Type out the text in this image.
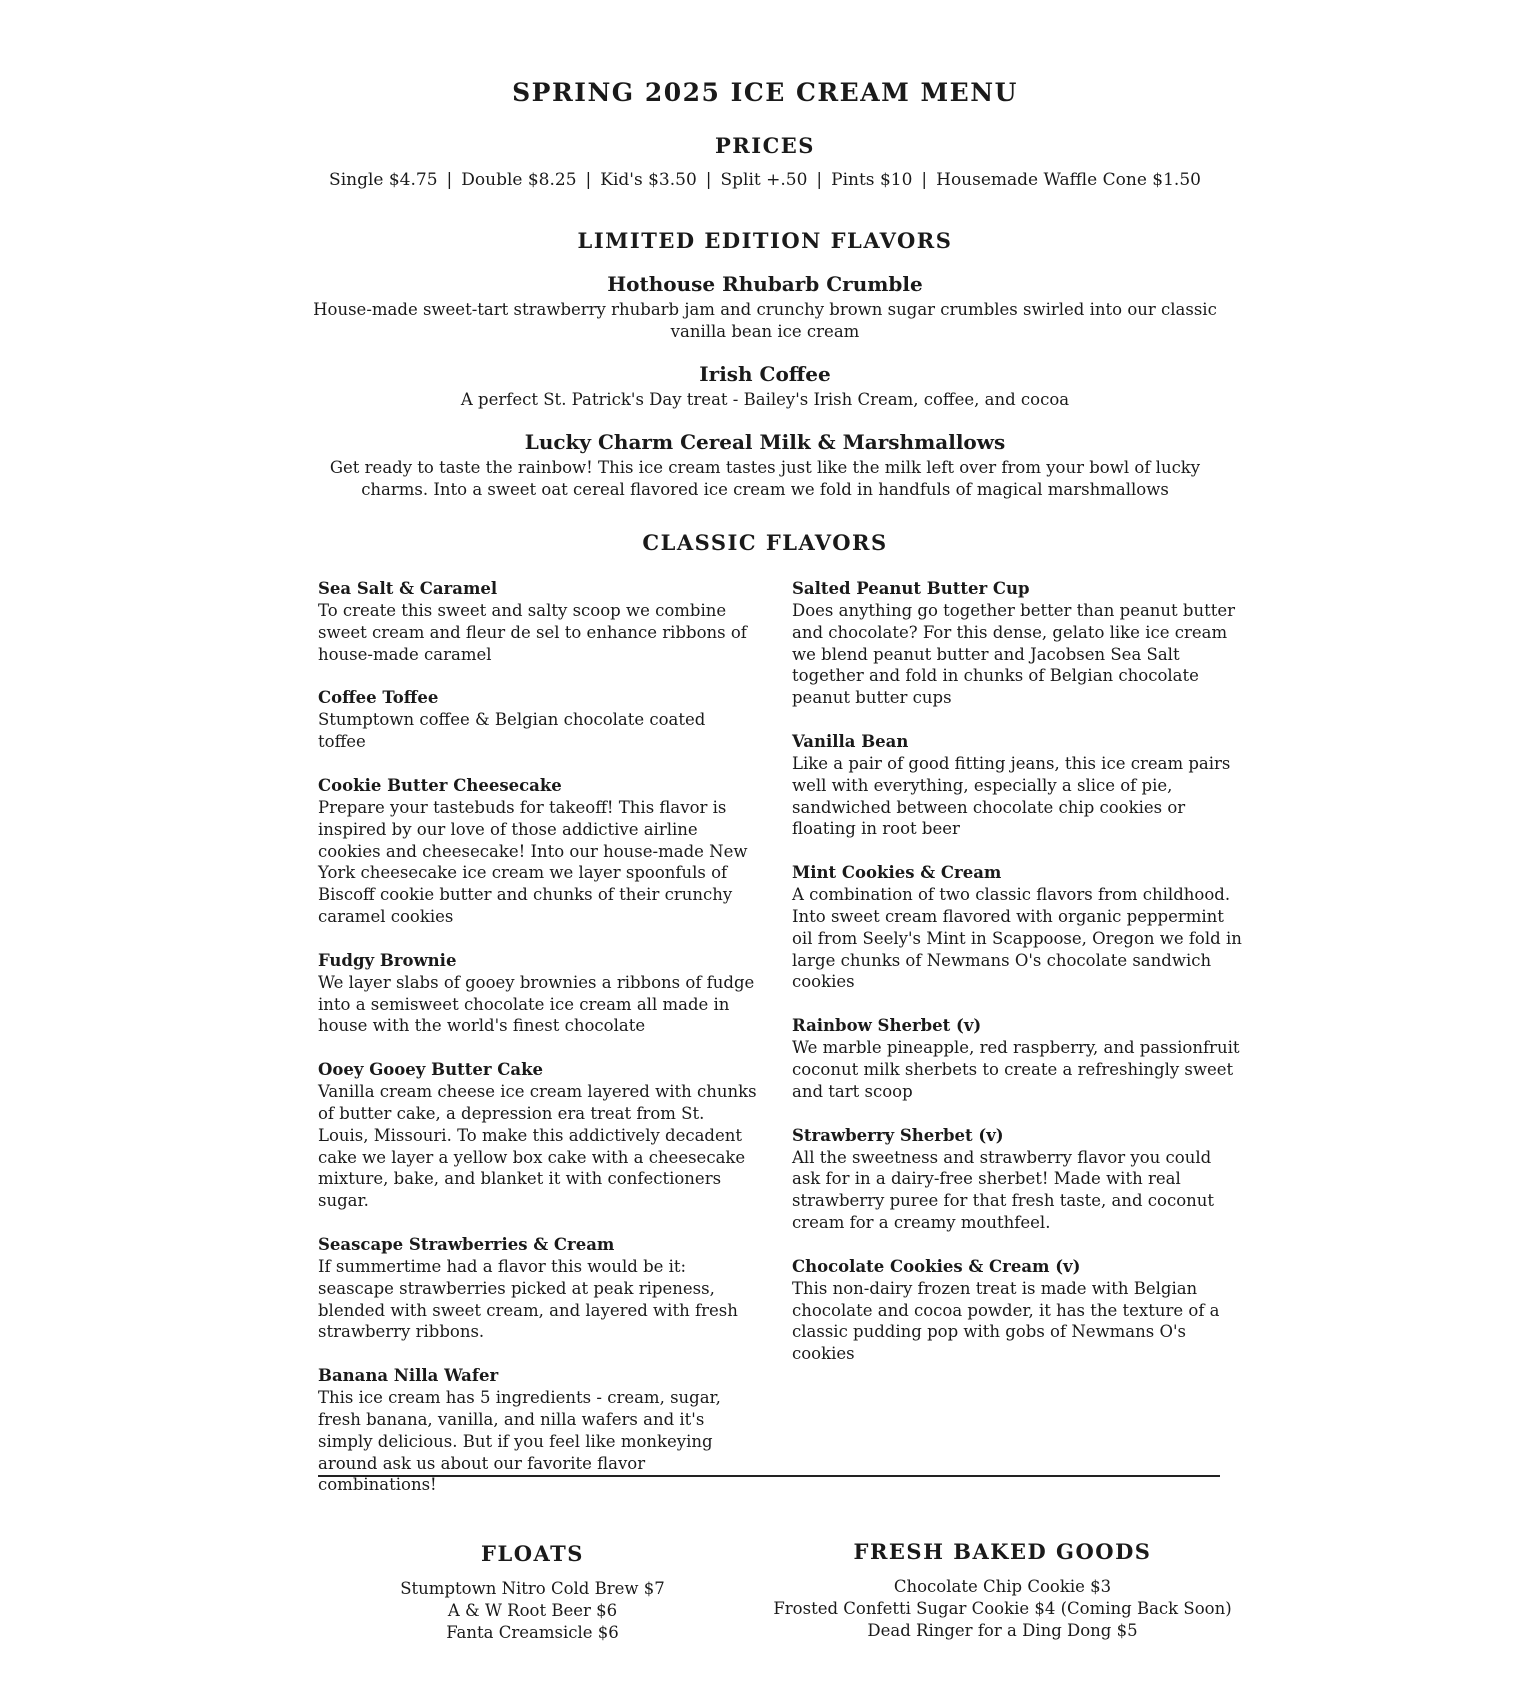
SPRING 2025 ICE CREAM MENU
PRICES
Single $4.75 | Double $8.25 | Kid's $3.50 | Split +.50 | Pints $10 | Housemade Waffle Cone $1.50
LIMITED EDITION FLAVORS
Hothouse Rhubarb Crumble
House-made sweet-tart strawberry rhubarb jam and crunchy brown sugar crumbles swirled into our classic vanilla bean ice cream
Irish Coffee
A perfect St. Patrick's Day treat - Bailey's Irish Cream, coffee, and cocoa
Lucky Charm Cereal Milk & Marshmallows
Get ready to taste the rainbow! This ice cream tastes just like the milk left over from your bowl of lucky charms. Into a sweet oat cereal flavored ice cream we fold in handfuls of magical marshmallows
CLASSIC FLAVORS
Sea Salt & Caramel
To create this sweet and salty scoop we combine sweet cream and fleur de sel to enhance ribbons of house-made caramel
Coffee Toffee
Stumptown coffee & Belgian chocolate coated toffee
Cookie Butter Cheesecake
Prepare your tastebuds for takeoff! This flavor is inspired by our love of those addictive airline cookies and cheesecake! Into our house-made New York cheesecake ice cream we layer spoonfuls of Biscoff cookie butter and chunks of their crunchy caramel cookies
Fudgy Brownie
We layer slabs of gooey brownies a ribbons of fudge into a semisweet chocolate ice cream all made in house with the world's finest chocolate
Ooey Gooey Butter Cake
Vanilla cream cheese ice cream layered with chunks of butter cake, a depression era treat from St. Louis, Missouri. To make this addictively decadent cake we layer a yellow box cake with a cheesecake mixture, bake, and blanket it with confectioners sugar.
Seascape Strawberries & Cream
If summertime had a flavor this would be it: seascape strawberries picked at peak ripeness, blended with sweet cream, and layered with fresh strawberry ribbons.
Banana Nilla Wafer
This ice cream has 5 ingredients - cream, sugar, fresh banana, vanilla, and nilla wafers and it's simply delicious. But if you feel like monkeying around ask us about our favorite flavor combinations!
Salted Peanut Butter Cup
Does anything go together better than peanut butter and chocolate? For this dense, gelato like ice cream we blend peanut butter and Jacobsen Sea Salt together and fold in chunks of Belgian chocolate peanut butter cups
Vanilla Bean
Like a pair of good fitting jeans, this ice cream pairs well with everything, especially a slice of pie, sandwiched between chocolate chip cookies or floating in root beer
Mint Cookies & Cream
A combination of two classic flavors from childhood. Into sweet cream flavored with organic peppermint oil from Seely's Mint in Scappoose, Oregon we fold in large chunks of Newmans O's chocolate sandwich cookies
Rainbow Sherbet (v)
We marble pineapple, red raspberry, and passionfruit coconut milk sherbets to create a refreshingly sweet and tart scoop
Strawberry Sherbet (v)
All the sweetness and strawberry flavor you could ask for in a dairy-free sherbet! Made with real strawberry puree for that fresh taste, and coconut cream for a creamy mouthfeel.
Chocolate Cookies & Cream (v)
This non-dairy frozen treat is made with Belgian chocolate and cocoa powder, it has the texture of a classic pudding pop with gobs of Newmans O's cookies
FLOATS
Stumptown Nitro Cold Brew $7
A & W Root Beer $6
Fanta Creamsicle $6
FRESH BAKED GOODS
Chocolate Chip Cookie $3
Frosted Confetti Sugar Cookie $4 (Coming Back Soon)
Dead Ringer for a Ding Dong $5
